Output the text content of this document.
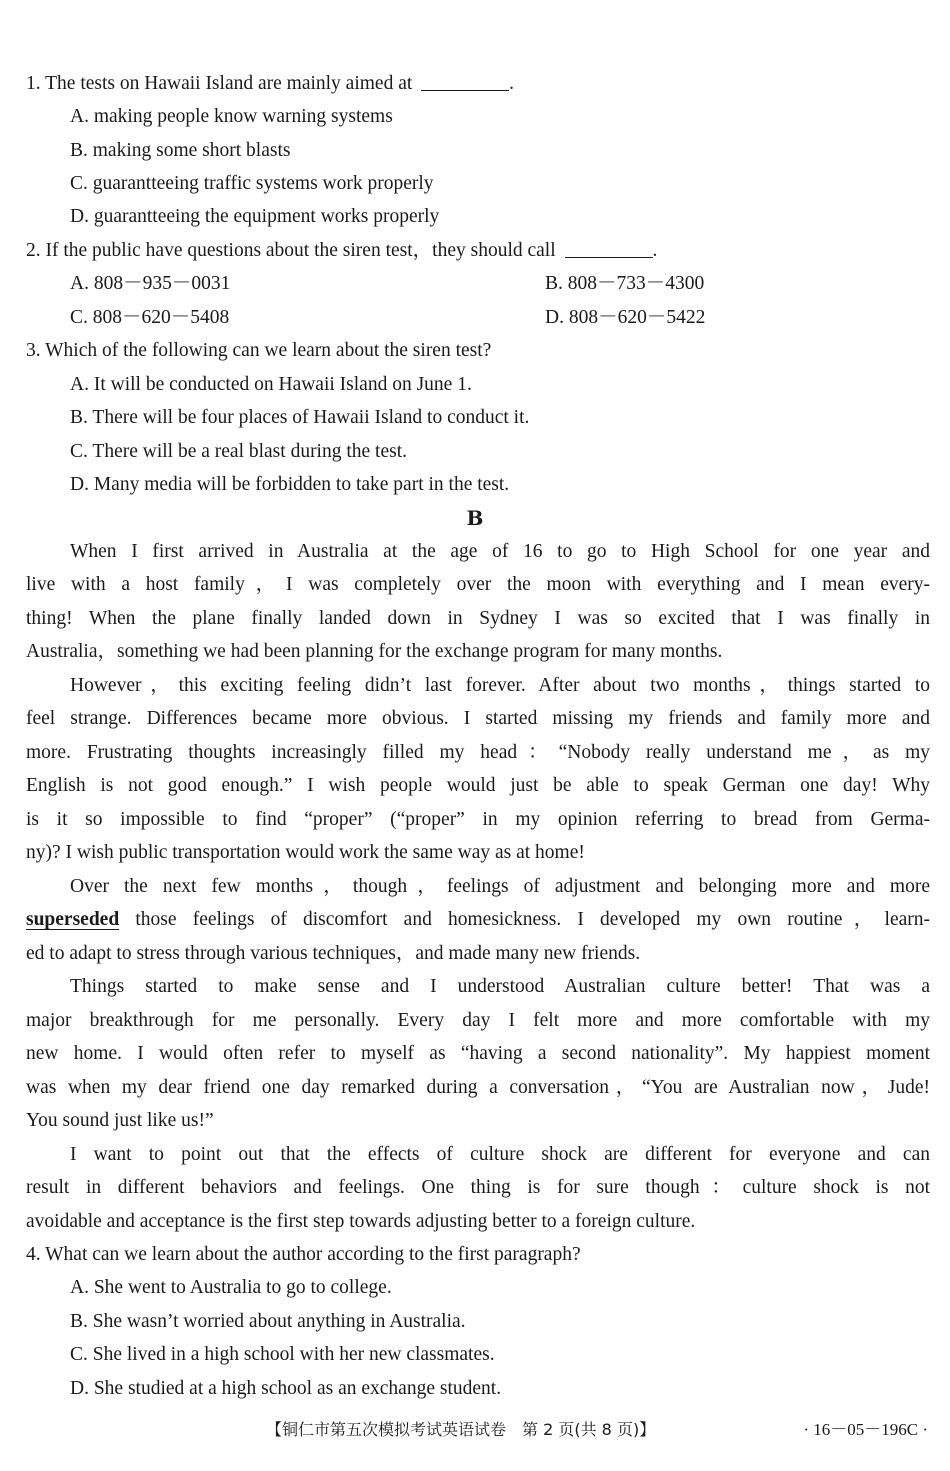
1. The tests on Hawaii Island are mainly aimed at	.
A. making people know warning systems
B. making some short blasts
C. guarantteeing traffic systems work properly
D. guarantteeing the equipment works properly
2. If the public have questions about the siren test，they should call	.
A. 808－935－0031	B. 808－733－4300
C. 808－620－5408	D. 808－620－5422
3. Which of the following can we learn about the siren test?
A. It will be conducted on Hawaii Island on June 1.
B. There will be four places of Hawaii Island to conduct it.
C. There will be a real blast during the test.
D. Many media will be forbidden to take part in the test.
B
When I first arrived in Australia at the age of 16 to go to High School for one year and
live with a host family，I was completely over the moon with everything and I mean every-
thing! When the plane finally landed down in Sydney I was so excited that I was finally in
Australia，something we had been planning for the exchange program for many months.
However，this exciting feeling didn’t last forever. After about two months，things started to
feel strange. Differences became more obvious. I started missing my friends and family more and
more. Frustrating thoughts increasingly filled my head：“Nobody really understand me，as my
English is not good enough.” I wish people would just be able to speak German one day! Why
is it so impossible to find “proper” (“proper” in my opinion referring to bread from Germa-
ny)? I wish public transportation would work the same way as at home!
Over the next few months，though，feelings of adjustment and belonging more and more
superseded those feelings of discomfort and homesickness. I developed my own routine，learn-
ed to adapt to stress through various techniques，and made many new friends.
Things started to make sense and I understood Australian culture better! That was a
major breakthrough for me personally. Every day I felt more and more comfortable with my
new home. I would often refer to myself as “having a second nationality”. My happiest moment
was when my dear friend one day remarked during a conversation，“You are Australian now，Jude!
You sound just like us!”
I want to point out that the effects of culture shock are different for everyone and can
result in different behaviors and feelings. One thing is for sure though：culture shock is not
avoidable and acceptance is the first step towards adjusting better to a foreign culture.
4. What can we learn about the author according to the first paragraph?
A. She went to Australia to go to college.
B. She wasn’t worried about anything in Australia.
C. She lived in a high school with her new classmates.
D. She studied at a high school as an exchange student.
【铜仁市第五次模拟考试英语试卷　第 2 页(共 8 页)】	· 16－05－196C ·
